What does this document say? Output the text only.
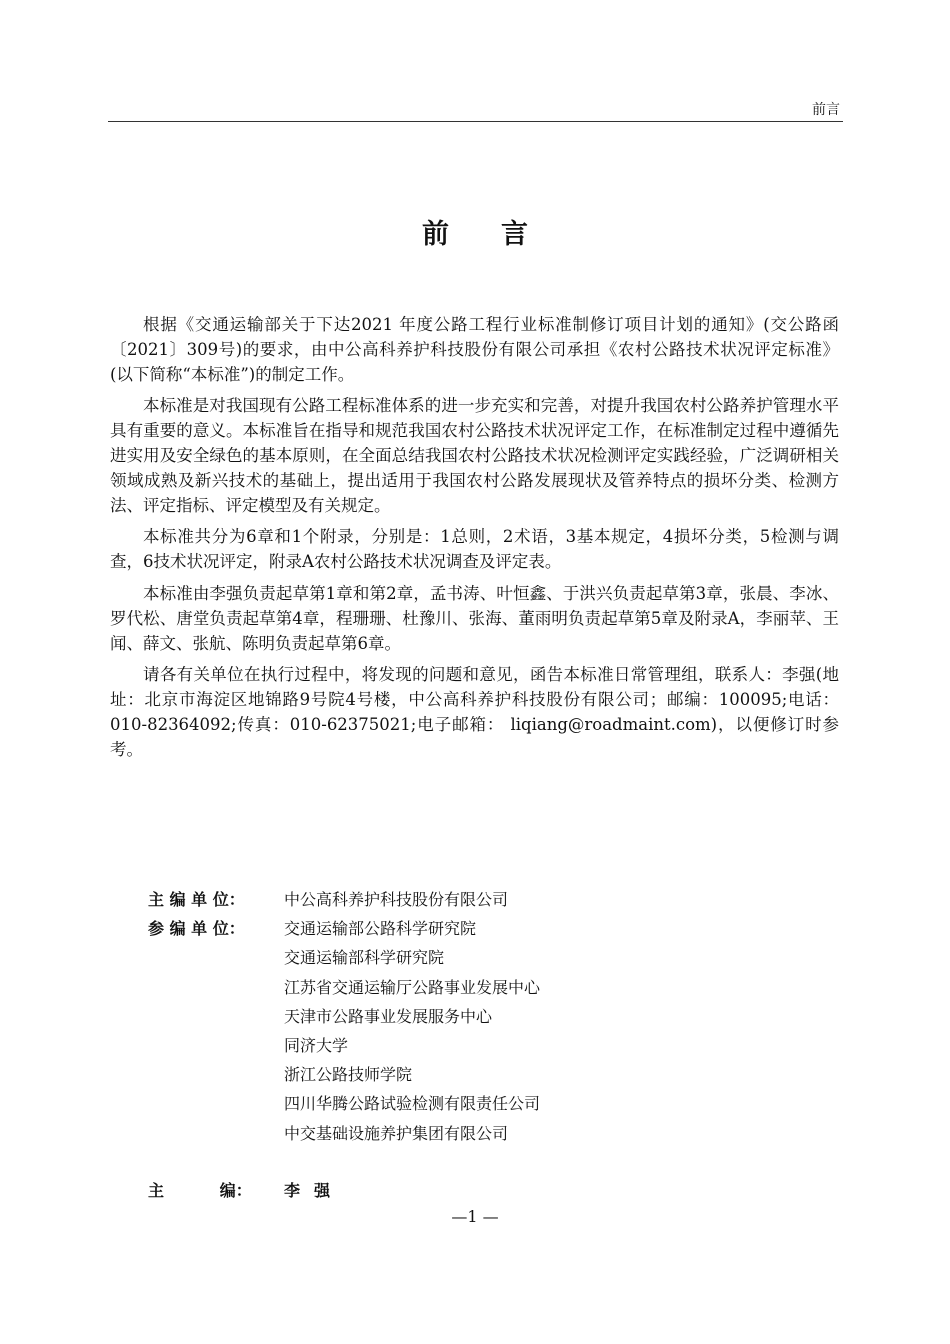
前言
前言

根据《交通运输部关于下达2021 年度公路工程行业标准制修订项目计划的通知》(交公路函〔2021〕309号)的要求，由中公高科养护科技股份有限公司承担《农村公路技术状况评定标准》(以下简称“本标准”)的制定工作。

本标准是对我国现有公路工程标准体系的进一步充实和完善，对提升我国农村公路养护管理水平具有重要的意义。本标准旨在指导和规范我国农村公路技术状况评定工作，在标准制定过程中遵循先进实用及安全绿色的基本原则，在全面总结我国农村公路技术状况检测评定实践经验，广泛调研相关领域成熟及新兴技术的基础上，提出适用于我国农村公路发展现状及管养特点的损坏分类、检测方法、评定指标、评定模型及有关规定。

本标准共分为6章和1个附录，分别是：1总则，2术语，3基本规定，4损坏分类，5检测与调查，6技术状况评定，附录A农村公路技术状况调查及评定表。

本标准由李强负责起草第1章和第2章，孟书涛、叶恒鑫、于洪兴负责起草第3章，张晨、李冰、罗代松、唐堂负责起草第4章，程珊珊、杜豫川、张海、董雨明负责起草第5章及附录A，李丽苹、王闻、薛文、张航、陈明负责起草第6章。

请各有关单位在执行过程中，将发现的问题和意见，函告本标准日常管理组，联系人：李强(地址：北京市海淀区地锦路9号院4号楼，中公高科养护科技股份有限公司；邮编：100095;电话：010-82364092;传真：010-62375021;电子邮箱： liqiang@roadmaint.com)，以便修订时参考。

主 编 单 位：	中公高科养护科技股份有限公司
参 编 单 位：	交通运输部公路科学研究院
交通运输部科学研究院
江苏省交通运输厅公路事业发展中心
天津市公路事业发展服务中心
同济大学
浙江公路技师学院
四川华腾公路试验检测有限责任公司
中交基础设施养护集团有限公司
主          编：	李强
—1 —
